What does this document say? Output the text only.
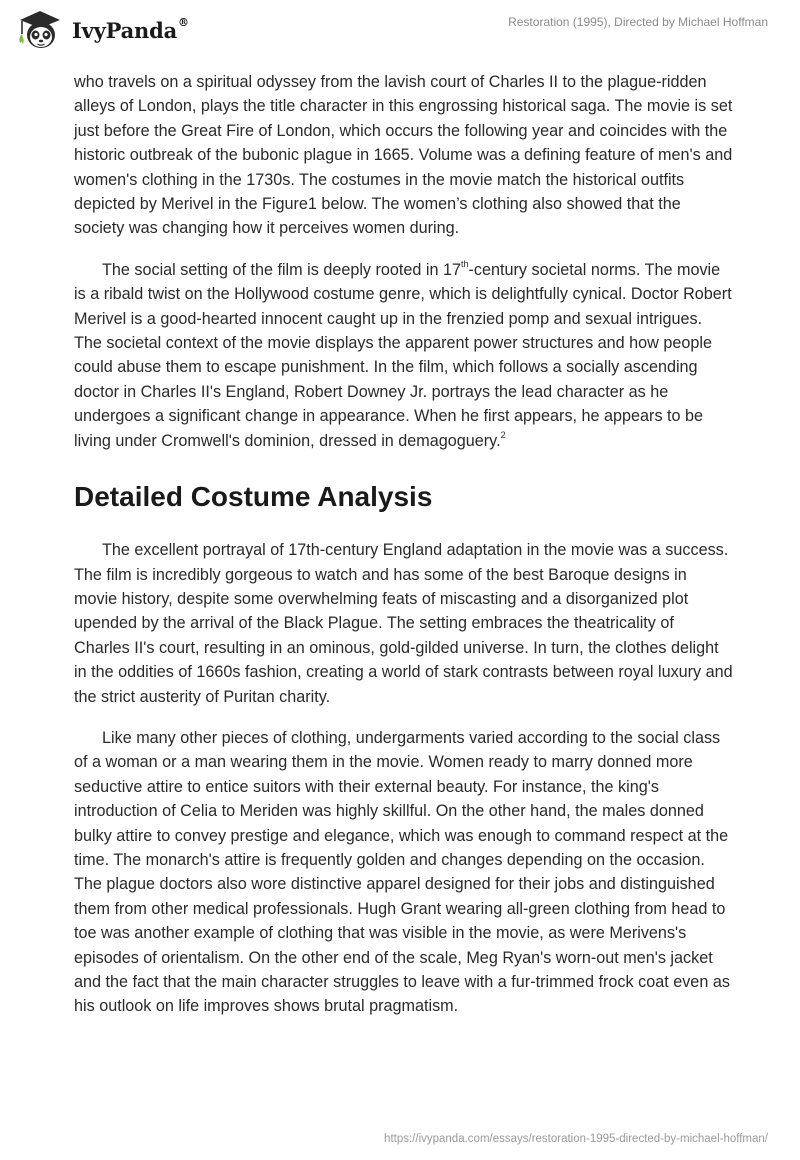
IvyPanda®	Restoration (1995), Directed by Michael Hoffman

who travels on a spiritual odyssey from the lavish court of Charles II to the plague-ridden alleys of London, plays the title character in this engrossing historical saga. The movie is set just before the Great Fire of London, which occurs the following year and coincides with the historic outbreak of the bubonic plague in 1665. Volume was a defining feature of men's and women's clothing in the 1730s. The costumes in the movie match the historical outfits depicted by Merivel in the Figure1 below. The women’s clothing also showed that the society was changing how it perceives women during.

The social setting of the film is deeply rooted in 17th-century societal norms. The movie is a ribald twist on the Hollywood costume genre, which is delightfully cynical. Doctor Robert Merivel is a good-hearted innocent caught up in the frenzied pomp and sexual intrigues. The societal context of the movie displays the apparent power structures and how people could abuse them to escape punishment. In the film, which follows a socially ascending doctor in Charles II's England, Robert Downey Jr. portrays the lead character as he undergoes a significant change in appearance. When he first appears, he appears to be living under Cromwell's dominion, dressed in demagoguery.$^2$

Detailed Costume Analysis

The excellent portrayal of 17th-century England adaptation in the movie was a success. The film is incredibly gorgeous to watch and has some of the best Baroque designs in movie history, despite some overwhelming feats of miscasting and a disorganized plot upended by the arrival of the Black Plague. The setting embraces the theatricality of Charles II's court, resulting in an ominous, gold-gilded universe. In turn, the clothes delight in the oddities of 1660s fashion, creating a world of stark contrasts between royal luxury and the strict austerity of Puritan charity.

Like many other pieces of clothing, undergarments varied according to the social class of a woman or a man wearing them in the movie. Women ready to marry donned more seductive attire to entice suitors with their external beauty. For instance, the king's introduction of Celia to Meriden was highly skillful. On the other hand, the males donned bulky attire to convey prestige and elegance, which was enough to command respect at the time. The monarch's attire is frequently golden and changes depending on the occasion. The plague doctors also wore distinctive apparel designed for their jobs and distinguished them from other medical professionals. Hugh Grant wearing all-green clothing from head to toe was another example of clothing that was visible in the movie, as were Merivens's episodes of orientalism. On the other end of the scale, Meg Ryan's worn-out men's jacket and the fact that the main character struggles to leave with a fur-trimmed frock coat even as his outlook on life improves shows brutal pragmatism.

https://ivypanda.com/essays/restoration-1995-directed-by-michael-hoffman/
